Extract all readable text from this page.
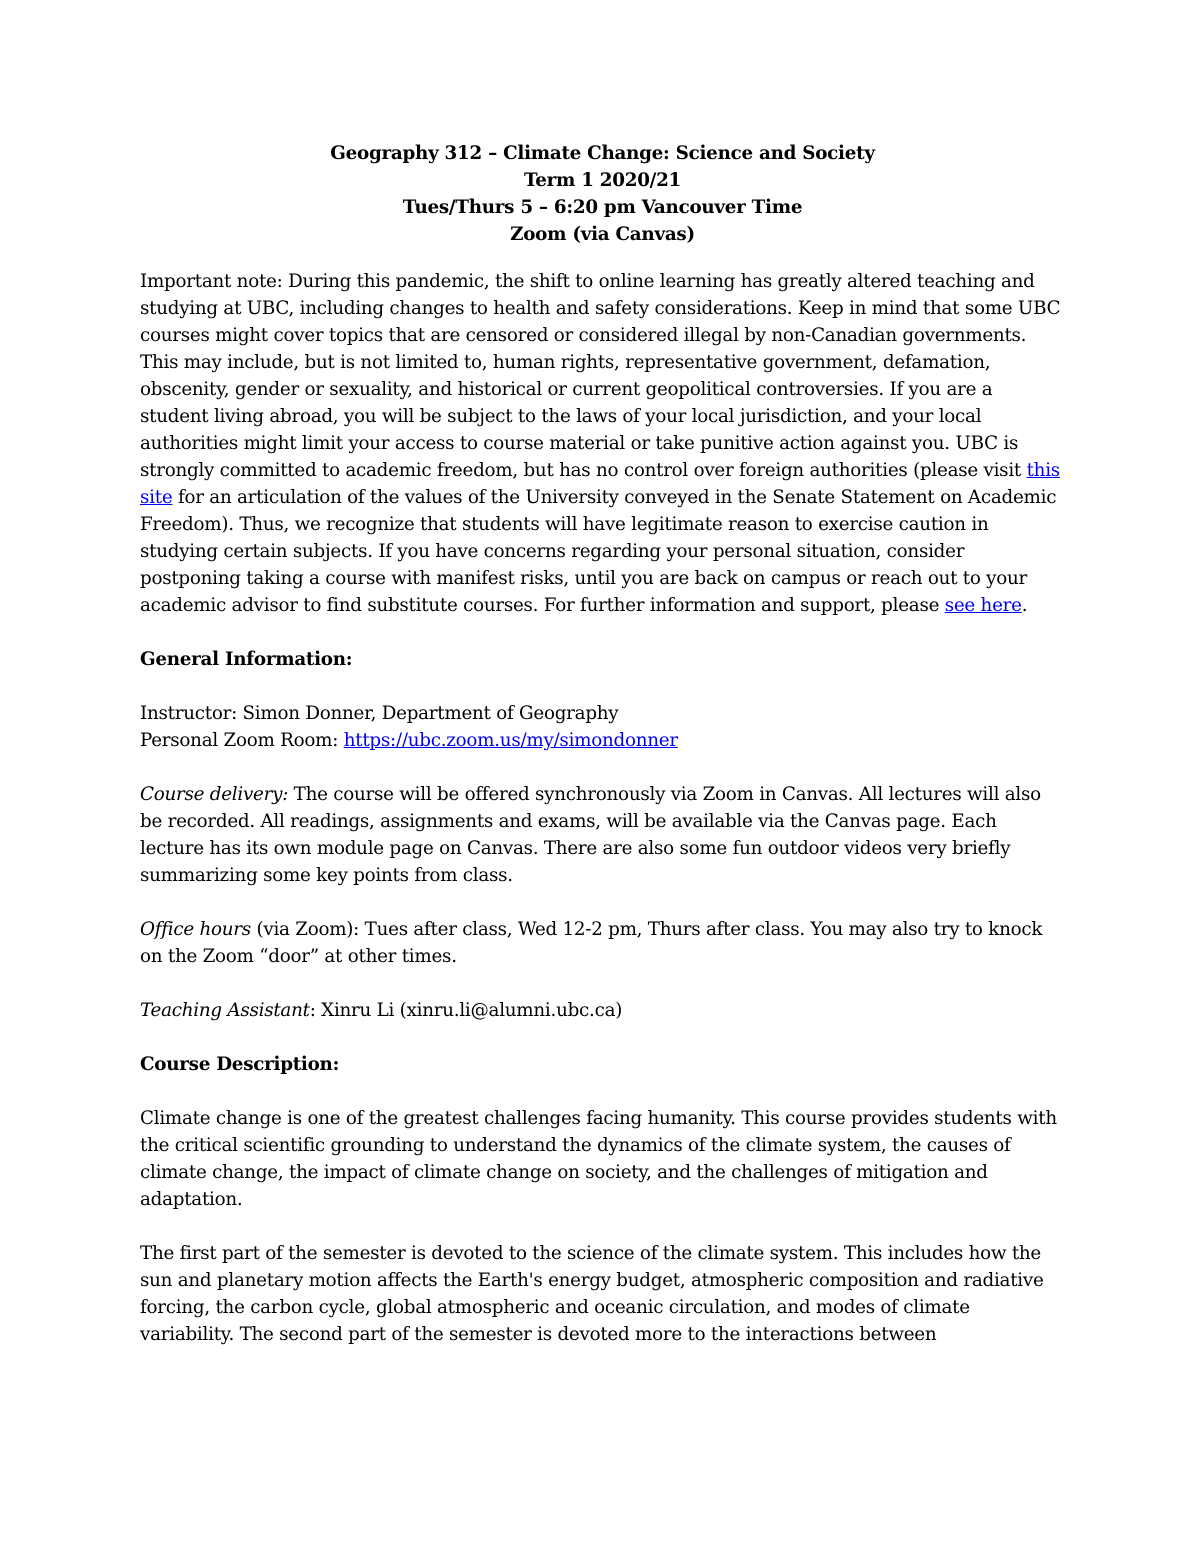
Geography 312 – Climate Change: Science and Society
Term 1 2020/21
Tues/Thurs 5 – 6:20 pm Vancouver Time
Zoom (via Canvas)

Important note: During this pandemic, the shift to online learning has greatly altered teaching and studying at UBC, including changes to health and safety considerations. Keep in mind that some UBC courses might cover topics that are censored or considered illegal by non-Canadian governments. This may include, but is not limited to, human rights, representative government, defamation, obscenity, gender or sexuality, and historical or current geopolitical controversies. If you are a student living abroad, you will be subject to the laws of your local jurisdiction, and your local authorities might limit your access to course material or take punitive action against you. UBC is strongly committed to academic freedom, but has no control over foreign authorities (please visit this site for an articulation of the values of the University conveyed in the Senate Statement on Academic Freedom). Thus, we recognize that students will have legitimate reason to exercise caution in studying certain subjects. If you have concerns regarding your personal situation, consider postponing taking a course with manifest risks, until you are back on campus or reach out to your academic advisor to find substitute courses. For further information and support, please see here.

General Information:

Instructor: Simon Donner, Department of Geography
Personal Zoom Room: https://ubc.zoom.us/my/simondonner

Course delivery: The course will be offered synchronously via Zoom in Canvas. All lectures will also be recorded. All readings, assignments and exams, will be available via the Canvas page. Each lecture has its own module page on Canvas. There are also some fun outdoor videos very briefly summarizing some key points from class.

Office hours (via Zoom): Tues after class, Wed 12-2 pm, Thurs after class. You may also try to knock on the Zoom “door” at other times.

Teaching Assistant: Xinru Li (xinru.li@alumni.ubc.ca)

Course Description:

Climate change is one of the greatest challenges facing humanity. This course provides students with the critical scientific grounding to understand the dynamics of the climate system, the causes of climate change, the impact of climate change on society, and the challenges of mitigation and adaptation.

The first part of the semester is devoted to the science of the climate system. This includes how the sun and planetary motion affects the Earth's energy budget, atmospheric composition and radiative forcing, the carbon cycle, global atmospheric and oceanic circulation, and modes of climate variability. The second part of the semester is devoted more to the interactions between
